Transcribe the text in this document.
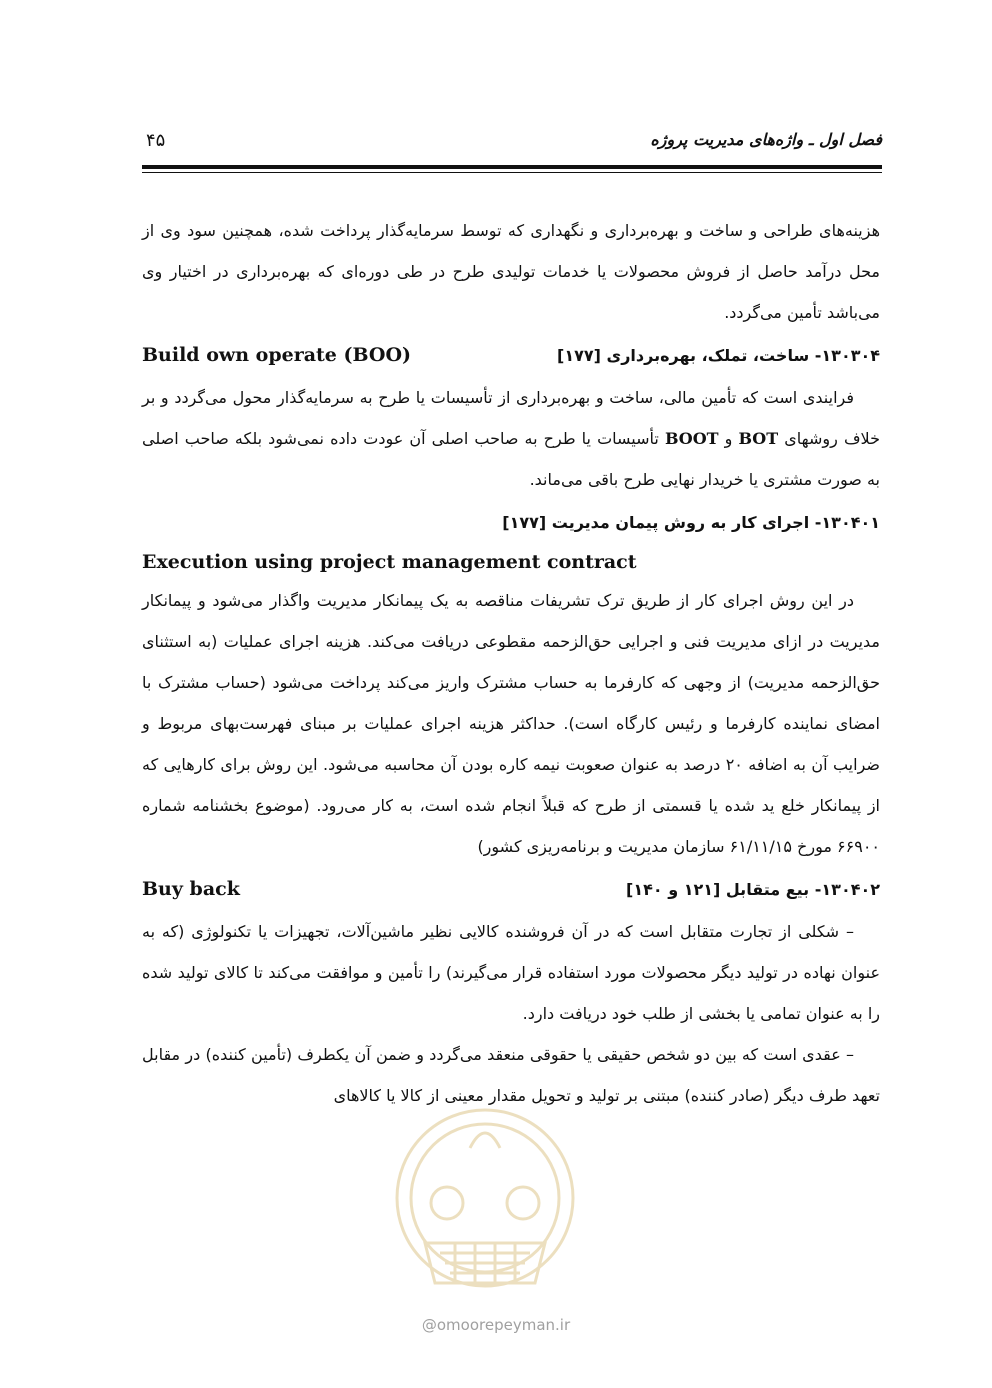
فصل اول ـ واژه‌های مدیریت پروژه
۴۵

هزینه‌های طراحی و ساخت و بهره‌برداری و نگهداری که توسط سرمایه‌گذار پرداخت شده، همچنین سود وی از محل درآمد حاصل از فروش محصولات یا خدمات تولیدی طرح در طی دوره‌ای که بهره‌برداری در اختیار وی می‌باشد تأمین می‌گردد.

۱۳۰۳۰۴- ساخت، تملک، بهره‌برداری [۱۷۷]
Build own operate (BOO)

فرایندی است که تأمین مالی، ساخت و بهره‌برداری از تأسیسات یا طرح به سرمایه‌گذار محول می‌گردد و بر خلاف روشهای BOT و BOOT تأسیسات یا طرح به صاحب اصلی آن عودت داده نمی‌شود بلکه صاحب اصلی به صورت مشتری یا خریدار نهایی طرح باقی می‌ماند.

۱۳۰۴۰۱- اجرای کار به روش پیمان مدیریت [۱۷۷]
Execution using project management contract

در این روش اجرای کار از طریق ترک تشریفات مناقصه به یک پیمانکار مدیریت واگذار می‌شود و پیمانکار مدیریت در ازای مدیریت فنی و اجرایی حق‌الزحمه مقطوعی دریافت می‌کند. هزینه اجرای عملیات (به استثنای حق‌الزحمه مدیریت) از وجهی که کارفرما به حساب مشترک واریز می‌کند پرداخت می‌شود (حساب مشترک با امضای نماینده کارفرما و رئیس کارگاه است). حداکثر هزینه اجرای عملیات بر مبنای فهرست‌بهای مربوط و ضرایب آن به اضافه ۲۰ درصد به عنوان صعوبت نیمه کاره بودن آن محاسبه می‌شود. این روش برای کارهایی که از پیمانکار خلع ید شده یا قسمتی از طرح که قبلاً انجام شده است، به کار می‌رود. (موضوع بخشنامه شماره ۶۶۹۰۰ مورخ ۶۱/۱۱/۱۵ سازمان مدیریت و برنامه‌ریزی کشور)

۱۳۰۴۰۲- بیع متقابل [۱۲۱ و ۱۴۰]
Buy back

– شکلی از تجارت متقابل است که در آن فروشنده کالایی نظیر ماشین‌آلات، تجهیزات یا تکنولوژی (که به عنوان نهاده در تولید دیگر محصولات مورد استفاده قرار می‌گیرند) را تأمین و موافقت می‌کند تا کالای تولید شده را به عنوان تمامی یا بخشی از طلب خود دریافت دارد.

– عقدی است که بین دو شخص حقیقی یا حقوقی منعقد می‌گردد و ضمن آن یکطرف (تأمین کننده) در مقابل تعهد طرف دیگر (صادر کننده) مبتنی بر تولید و تحویل مقدار معینی از کالا یا کالاهای

@omoorepeyman.ir
